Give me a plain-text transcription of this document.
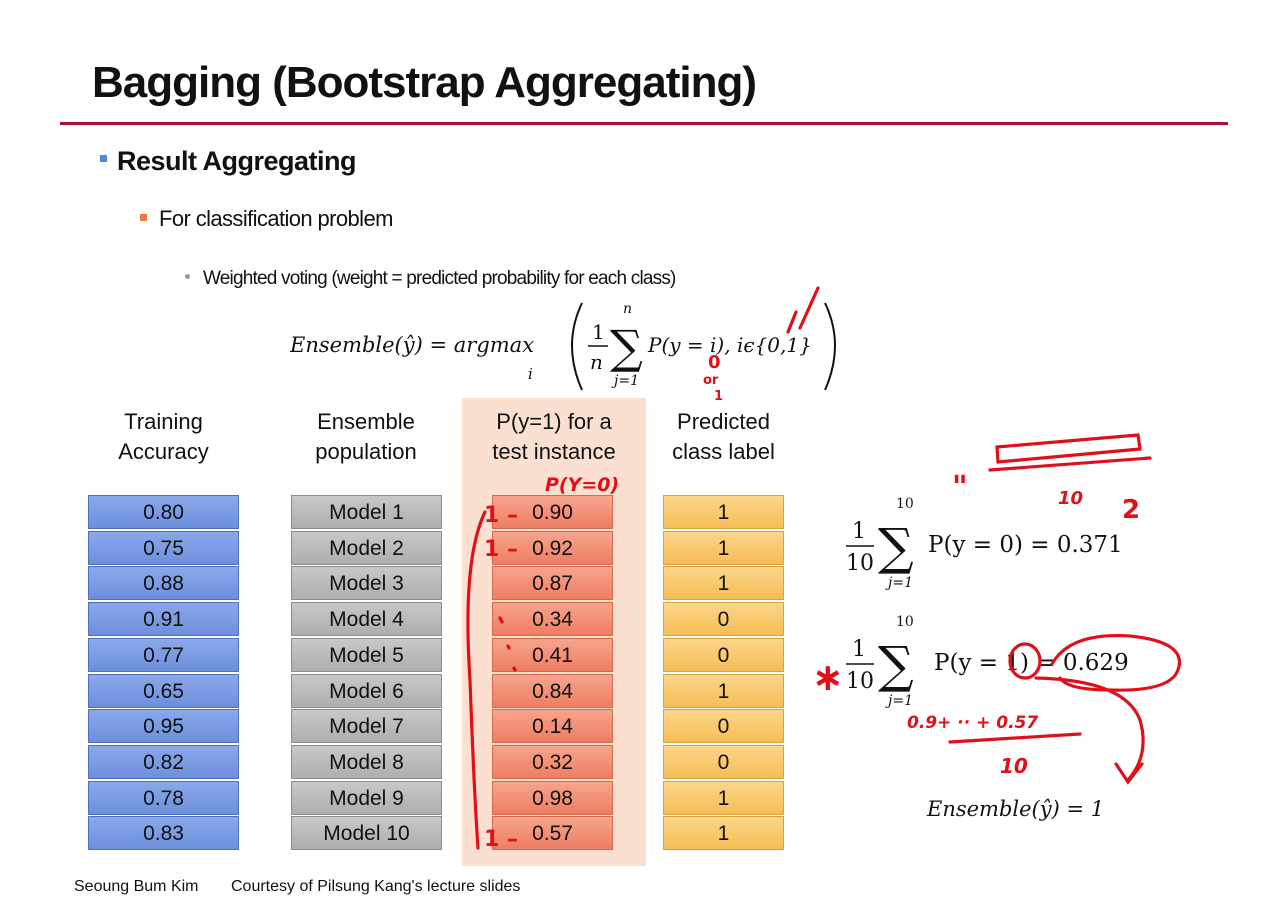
Bagging (Bootstrap Aggregating)
Result Aggregating
For classification problem
Weighted voting (weight = predicted probability for each class)
Ensemble(ŷ) = argmax
i
1
n
n
∑
j=1
P(y = i), iϵ{0,1}
Training
Accuracy
Ensemble
population
P(y=1) for a
test instance
Predicted
class label
0.80	Model 1	0.90	1
0.75	Model 2	0.92	1
0.88	Model 3	0.87	1
0.91	Model 4	0.34	0
0.77	Model 5	0.41	0
0.65	Model 6	0.84	1
0.95	Model 7	0.14	0
0.82	Model 8	0.32	0
0.78	Model 9	0.98	1
0.83	Model 10	0.57	1
10
1
10 ∑
j=1
P(y = 0) = 0.371
10
1
10 ∑
j=1
P(y = 1) = 0.629
Ensemble(ŷ) = 1
P(Y=0)
1 –
1 –
1 –
0
or
1
"	10 2
∗
0.9+ ·· + 0.57
10
Seoung Bum Kim Courtesy of Pilsung Kang's lecture slides
